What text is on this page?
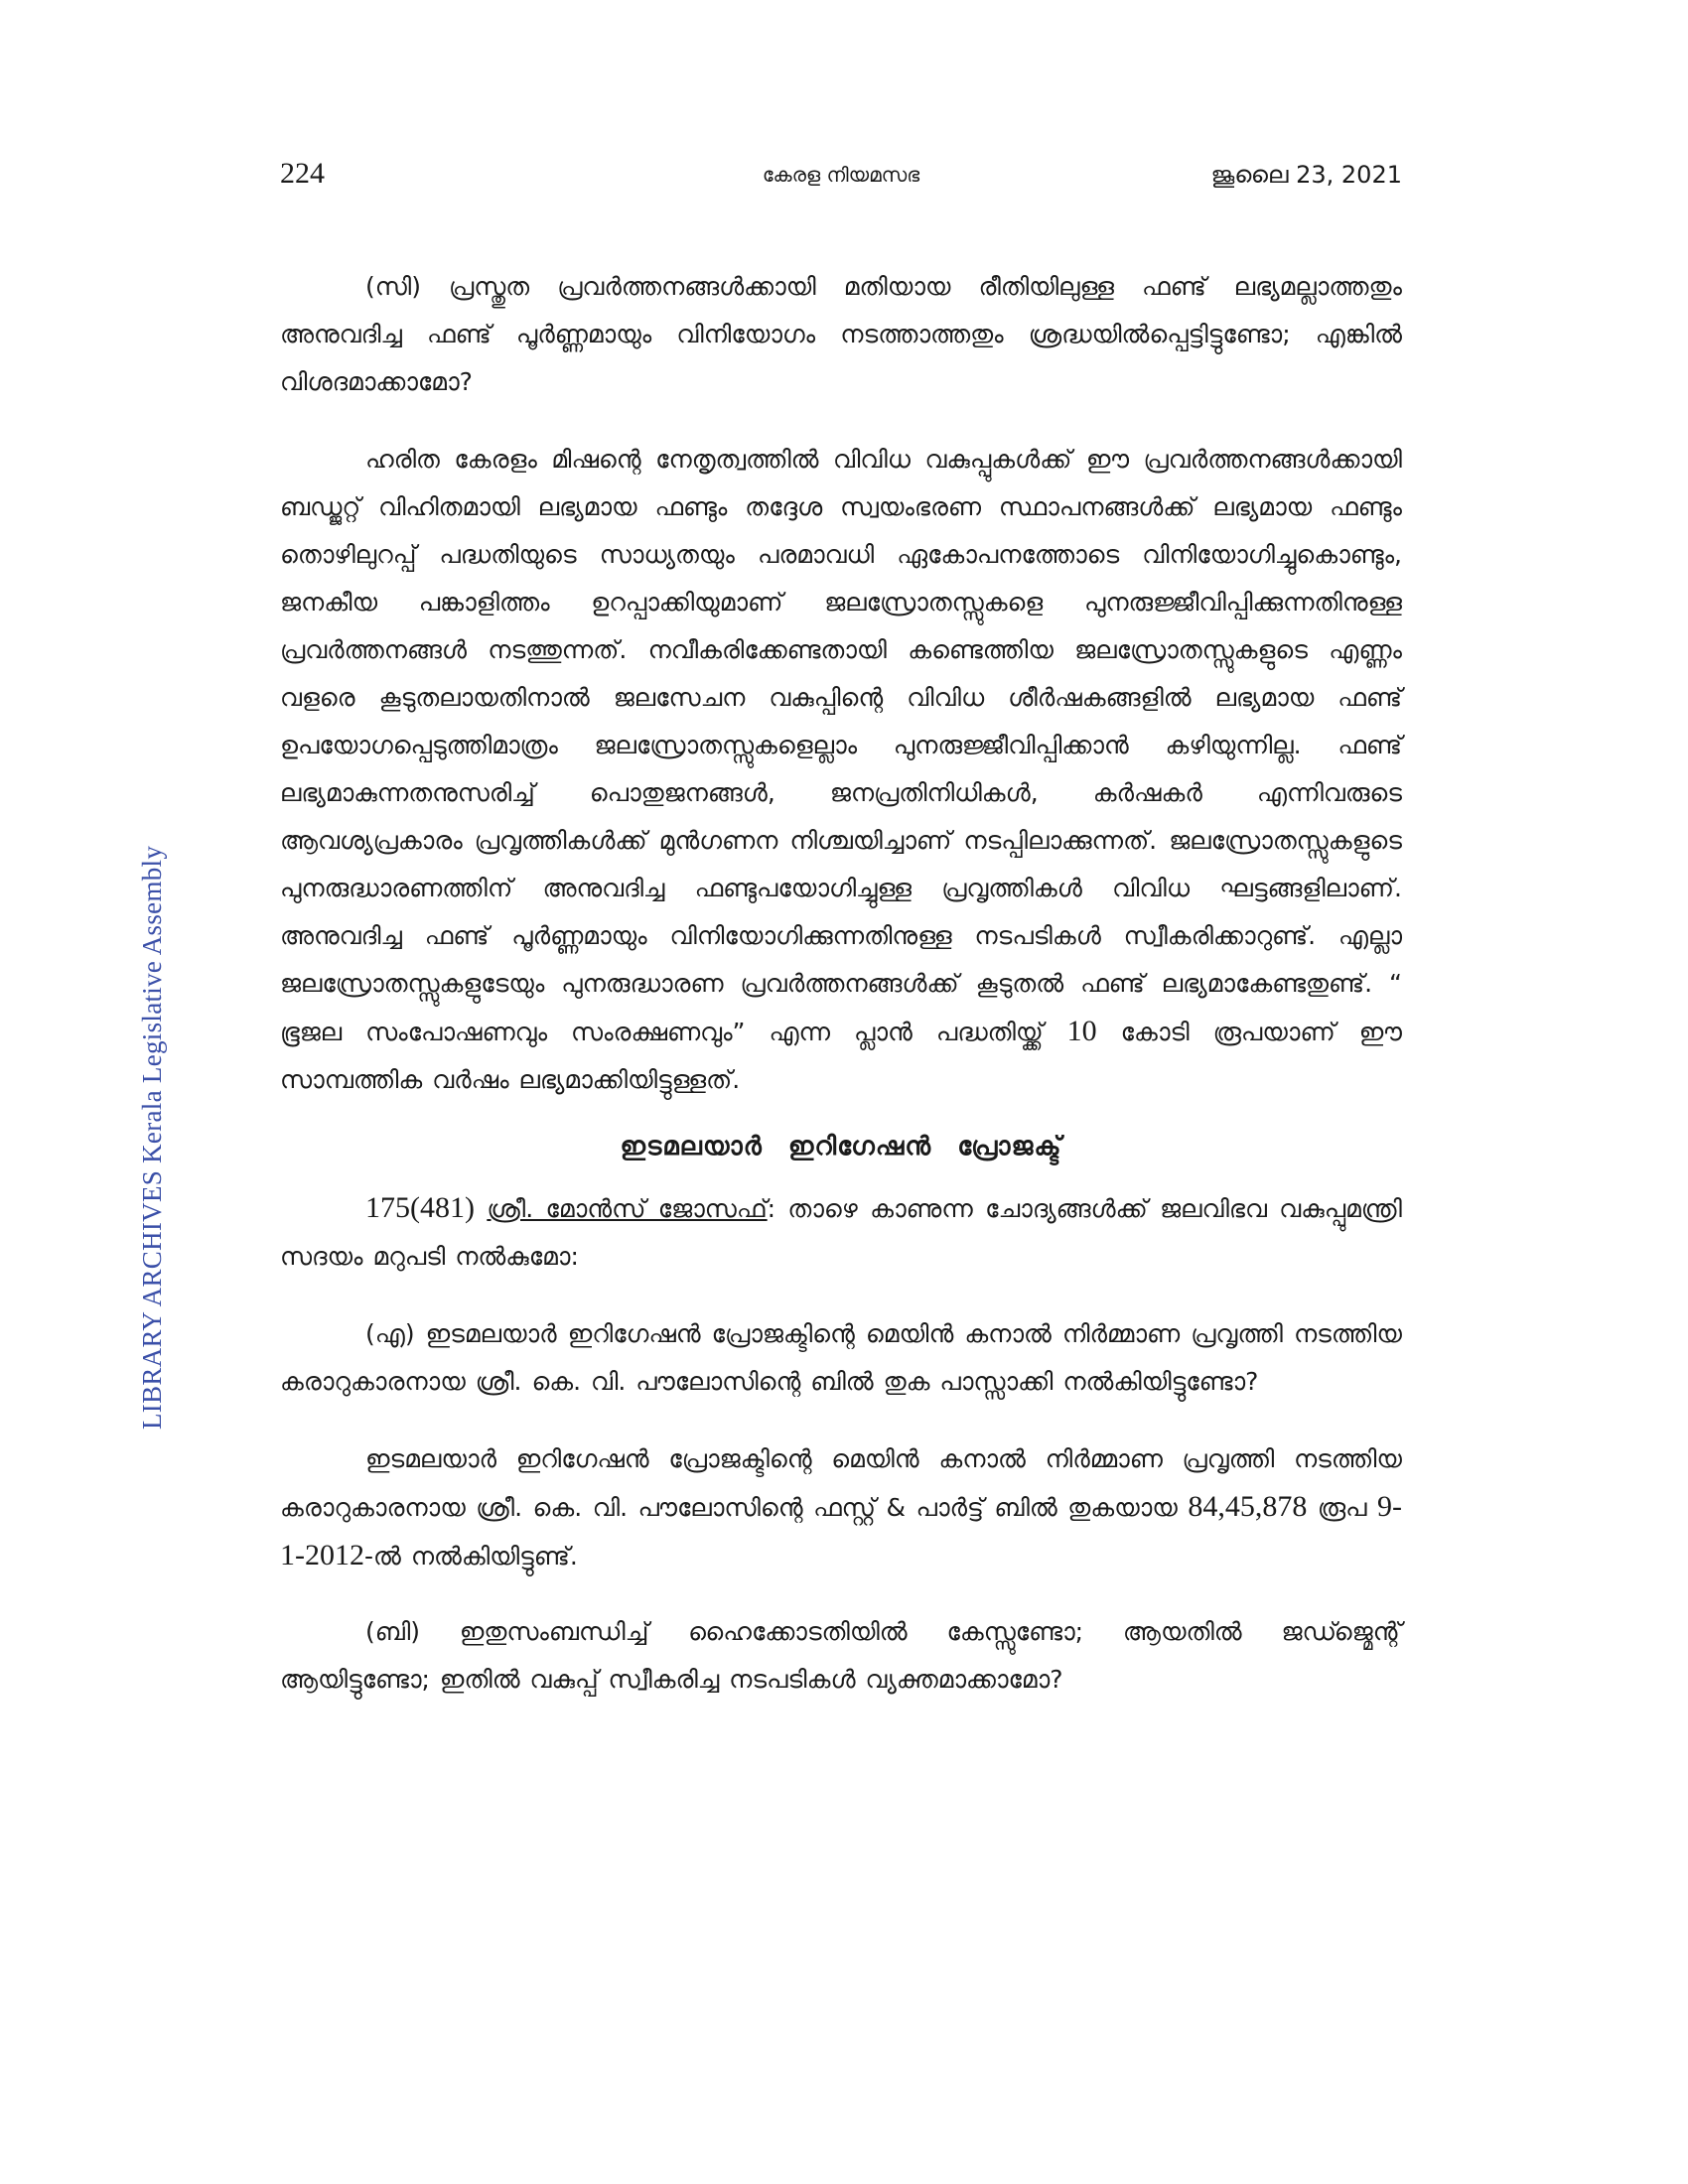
224	കേരള നിയമസഭ	ജൂലൈ 23, 2021
LIBRARY ARCHIVES Kerala Legislative Assembly

(സി) പ്രസ്തുത പ്രവർത്തനങ്ങൾക്കായി മതിയായ രീതിയിലുള്ള ഫണ്ട് ലഭ്യമല്ലാത്തതും അനുവദിച്ച ഫണ്ട് പൂർണ്ണമായും വിനിയോഗം നടത്താത്തതും ശ്രദ്ധയിൽപ്പെട്ടിട്ടുണ്ടോ; എങ്കിൽ വിശദമാക്കാമോ?

ഹരിത കേരളം മിഷന്റെ നേതൃത്വത്തിൽ വിവിധ വകുപ്പുകൾക്ക് ഈ പ്രവർത്തനങ്ങൾക്കായി ബഡ്ജറ്റ് വിഹിതമായി ലഭ്യമായ ഫണ്ടും തദ്ദേശ സ്വയംഭരണ സ്ഥാപനങ്ങൾക്ക് ലഭ്യമായ ഫണ്ടും തൊഴിലുറപ്പ് പദ്ധതിയുടെ സാധ്യതയും പരമാവധി ഏകോപനത്തോടെ വിനിയോഗിച്ചുകൊണ്ടും, ജനകീയ പങ്കാളിത്തം ഉറപ്പാക്കിയുമാണ് ജലസ്രോതസ്സുകളെ പുനരുജ്ജീവിപ്പിക്കുന്നതിനുള്ള പ്രവർത്തനങ്ങൾ നടത്തുന്നത്. നവീകരിക്കേണ്ടതായി കണ്ടെത്തിയ ജലസ്രോതസ്സുകളുടെ എണ്ണം വളരെ കൂടുതലായതിനാൽ ജലസേചന വകുപ്പിന്റെ വിവിധ ശീർഷകങ്ങളിൽ ലഭ്യമായ ഫണ്ട് ഉപയോഗപ്പെടുത്തിമാത്രം ജലസ്രോതസ്സുകളെല്ലാം പുനരുജ്ജീവിപ്പിക്കാൻ കഴിയുന്നില്ല. ഫണ്ട് ലഭ്യമാകുന്നതനുസരിച്ച് പൊതുജനങ്ങൾ, ജനപ്രതിനിധികൾ, കർഷകർ എന്നിവരുടെ ആവശ്യപ്രകാരം പ്രവൃത്തികൾക്ക് മുൻഗണന നിശ്ചയിച്ചാണ് നടപ്പിലാക്കുന്നത്. ജലസ്രോതസ്സുകളുടെ പുനരുദ്ധാരണത്തിന് അനുവദിച്ച ഫണ്ടുപയോഗിച്ചുള്ള പ്രവൃത്തികൾ വിവിധ ഘട്ടങ്ങളിലാണ്. അനുവദിച്ച ഫണ്ട് പൂർണ്ണമായും വിനിയോഗിക്കുന്നതിനുള്ള നടപടികൾ സ്വീകരിക്കാറുണ്ട്. എല്ലാ ജലസ്രോതസ്സുകളുടേയും പുനരുദ്ധാരണ പ്രവർത്തനങ്ങൾക്ക് കൂടുതൽ ഫണ്ട് ലഭ്യമാകേണ്ടതുണ്ട്. “ ഭൂജല സംപോഷണവും സംരക്ഷണവും” എന്ന പ്ലാൻ പദ്ധതിയ്ക്ക് 10 കോടി രൂപയാണ് ഈ സാമ്പത്തിക വർഷം ലഭ്യമാക്കിയിട്ടുള്ളത്.

ഇടമലയാർ ഇറിഗേഷൻ പ്രോജക്ട്

175(481) ശ്രീ. മോൻസ് ജോസഫ്: താഴെ കാണുന്ന ചോദ്യങ്ങൾക്ക് ജലവിഭവ വകുപ്പുമന്ത്രി സദയം മറുപടി നൽകുമോ:

(എ) ഇടമലയാർ ഇറിഗേഷൻ പ്രോജക്ടിന്റെ മെയിൻ കനാൽ നിർമ്മാണ പ്രവൃത്തി നടത്തിയ കരാറുകാരനായ ശ്രീ. കെ. വി. പൗലോസിന്റെ ബിൽ തുക പാസ്സാക്കി നൽകിയിട്ടുണ്ടോ?

ഇടമലയാർ ഇറിഗേഷൻ പ്രോജക്ടിന്റെ മെയിൻ കനാൽ നിർമ്മാണ പ്രവൃത്തി നടത്തിയ കരാറുകാരനായ ശ്രീ. കെ. വി. പൗലോസിന്റെ ഫസ്റ്റ് & പാർട്ട് ബിൽ തുകയായ 84,45,878 രൂപ 9-1-2012-ൽ നൽകിയിട്ടുണ്ട്.

(ബി) ഇതുസംബന്ധിച്ച് ഹൈക്കോടതിയിൽ കേസ്സുണ്ടോ; ആയതിൽ ജഡ്ജ്മെന്റ് ആയിട്ടുണ്ടോ; ഇതിൽ വകുപ്പ് സ്വീകരിച്ച നടപടികൾ വ്യക്തമാക്കാമോ?
